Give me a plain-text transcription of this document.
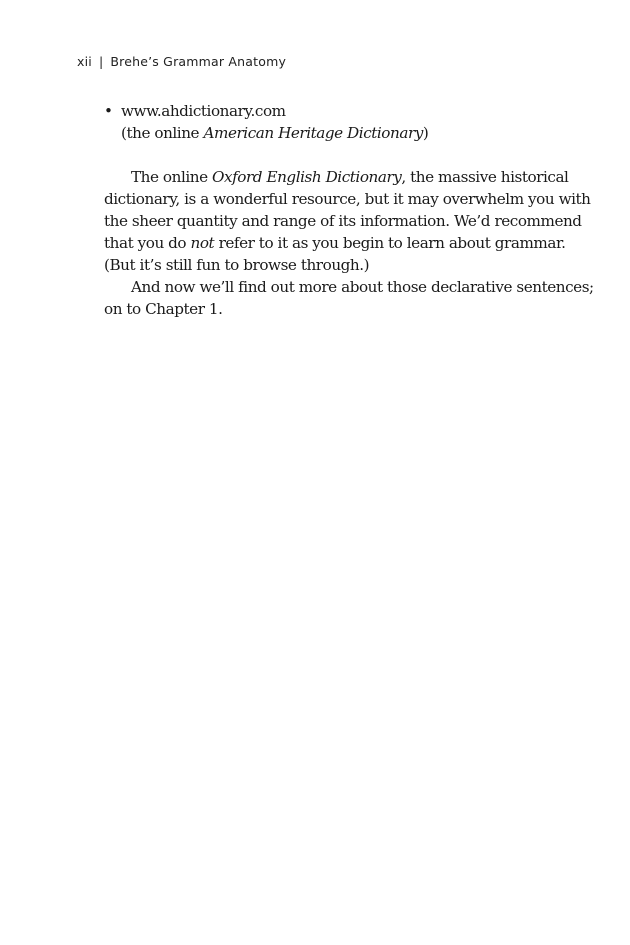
xii | Brehe’s Grammar Anatomy
• www.ahdictionary.com
(the online American Heritage Dictionary)
The online Oxford English Dictionary, the massive historical
dictionary, is a wonderful resource, but it may overwhelm you with
the sheer quantity and range of its information. We’d recommend
that you do not refer to it as you begin to learn about grammar.
(But it’s still fun to browse through.)
And now we’ll find out more about those declarative sentences;
on to Chapter 1.
